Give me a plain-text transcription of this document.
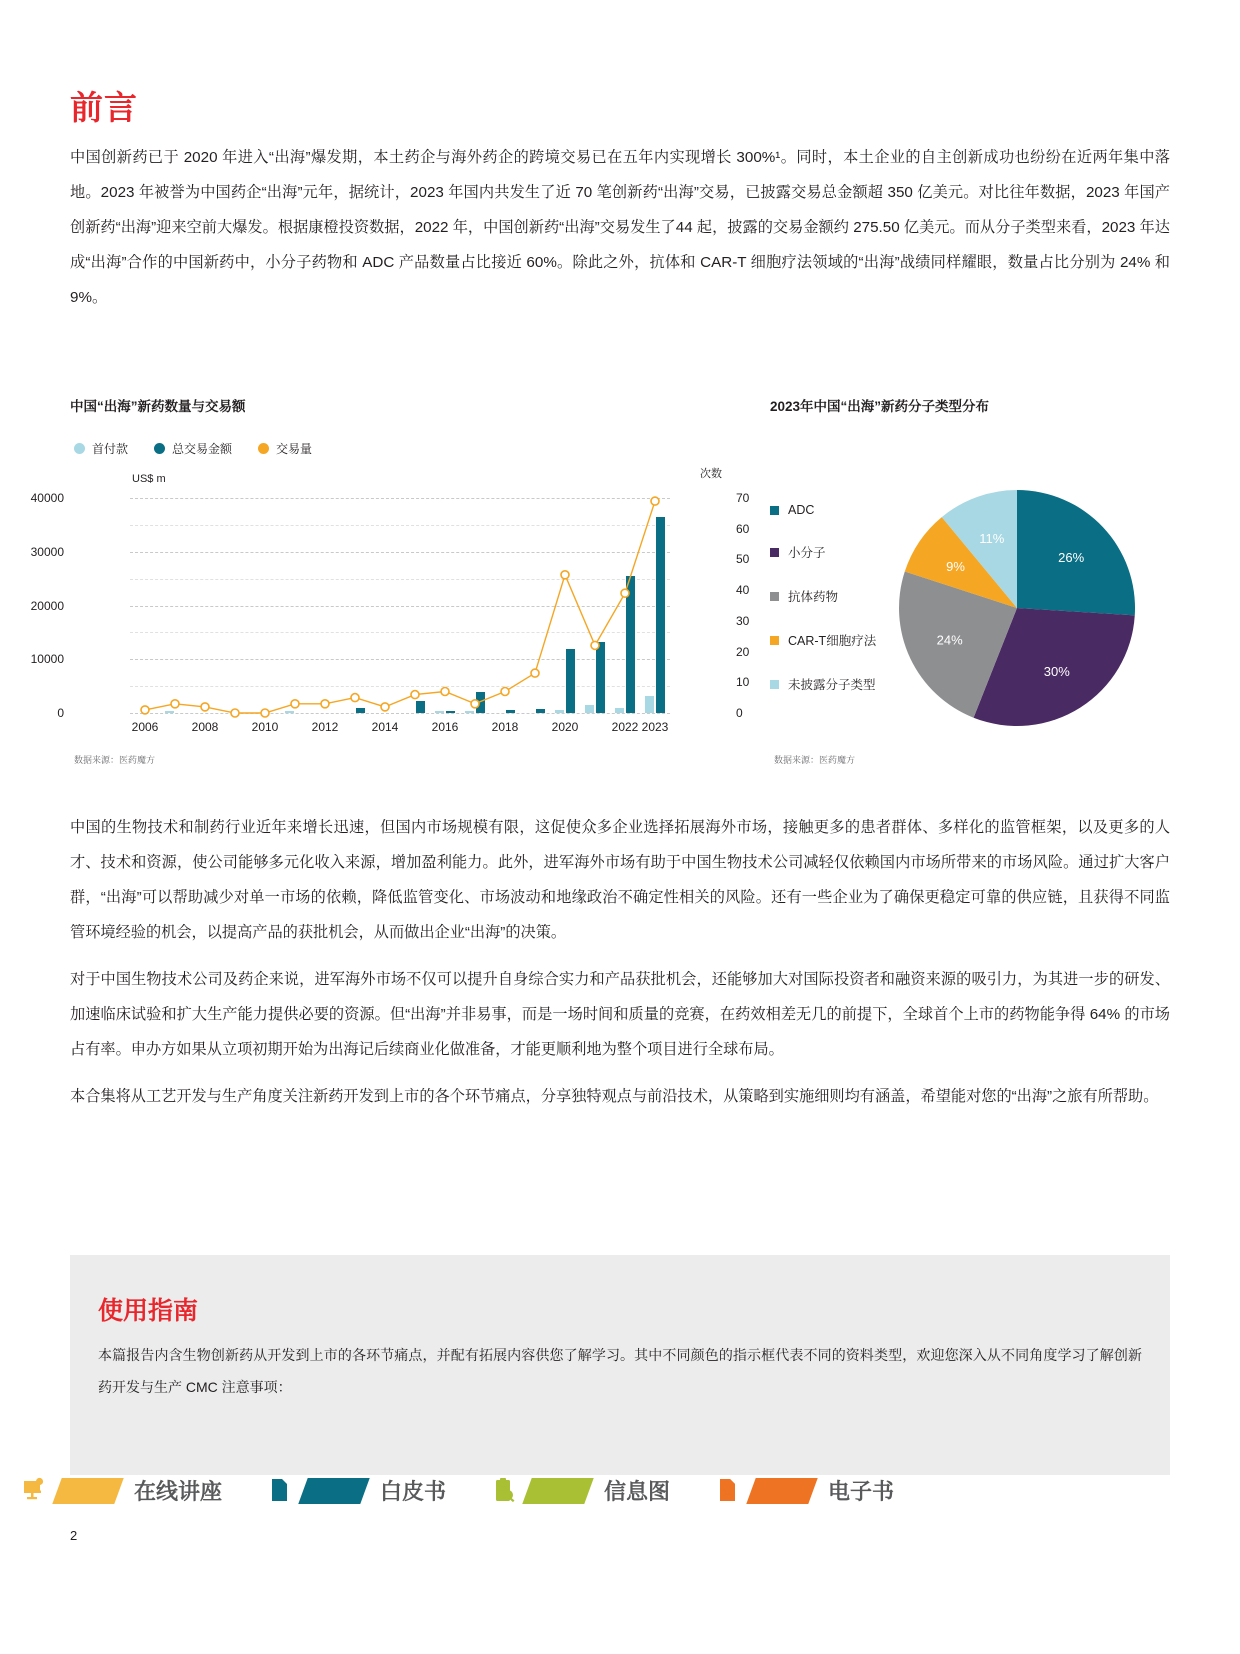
前言

中国创新药已于 2020 年进入“出海”爆发期，本土药企与海外药企的跨境交易已在五年内实现增长 300%¹。同时，本土企业的自主创新成功也纷纷在近两年集中落地。2023 年被誉为中国药企“出海”元年，据统计，2023 年国内共发生了近 70 笔创新药“出海”交易，已披露交易总金额超 350 亿美元。对比往年数据，2023 年国产创新药“出海”迎来空前大爆发。根据康橙投资数据，2022 年，中国创新药“出海”交易发生了44 起，披露的交易金额约 275.50 亿美元。而从分子类型来看，2023 年达成“出海”合作的中国新药中，小分子药物和 ADC 产品数量占比接近 60%。除此之外，抗体和 CAR-T 细胞疗法领域的“出海”战绩同样耀眼，数量占比分别为 24% 和 9%。

中国“出海”新药数量与交易额
首付款	总交易金额	交易量
US$ m	次数
0
10000
20000
30000
40000
0
10
20
30
40
50
60
70
2006	2008	2010	2012	2014	2016	2018	2020	2022 2023
数据来源：医药魔方
2023年中国“出海”新药分子类型分布
ADC
小分子
抗体药物
CAR-T细胞疗法
未披露分子类型
26%
30%
24%
9%
11%
数据来源：医药魔方

中国的生物技术和制药行业近年来增长迅速，但国内市场规模有限，这促使众多企业选择拓展海外市场，接触更多的患者群体、多样化的监管框架，以及更多的人才、技术和资源，使公司能够多元化收入来源，增加盈利能力。此外，进军海外市场有助于中国生物技术公司减轻仅依赖国内市场所带来的市场风险。通过扩大客户群，“出海”可以帮助减少对单一市场的依赖，降低监管变化、市场波动和地缘政治不确定性相关的风险。还有一些企业为了确保更稳定可靠的供应链，且获得不同监管环境经验的机会，以提高产品的获批机会，从而做出企业“出海”的决策。

对于中国生物技术公司及药企来说，进军海外市场不仅可以提升自身综合实力和产品获批机会，还能够加大对国际投资者和融资来源的吸引力，为其进一步的研发、加速临床试验和扩大生产能力提供必要的资源。但“出海”并非易事，而是一场时间和质量的竞赛，在药效相差无几的前提下，全球首个上市的药物能争得 64% 的市场占有率。申办方如果从立项初期开始为出海记后续商业化做准备，才能更顺利地为整个项目进行全球布局。

本合集将从工艺开发与生产角度关注新药开发到上市的各个环节痛点，分享独特观点与前沿技术，从策略到实施细则均有涵盖，希望能对您的“出海”之旅有所帮助。

使用指南
本篇报告内含生物创新药从开发到上市的各环节痛点，并配有拓展内容供您了解学习。其中不同颜色的指示框代表不同的资料类型，欢迎您深入从不同角度学习了解创新药开发与生产 CMC 注意事项：
在线讲座	白皮书	信息图	电子书
2
